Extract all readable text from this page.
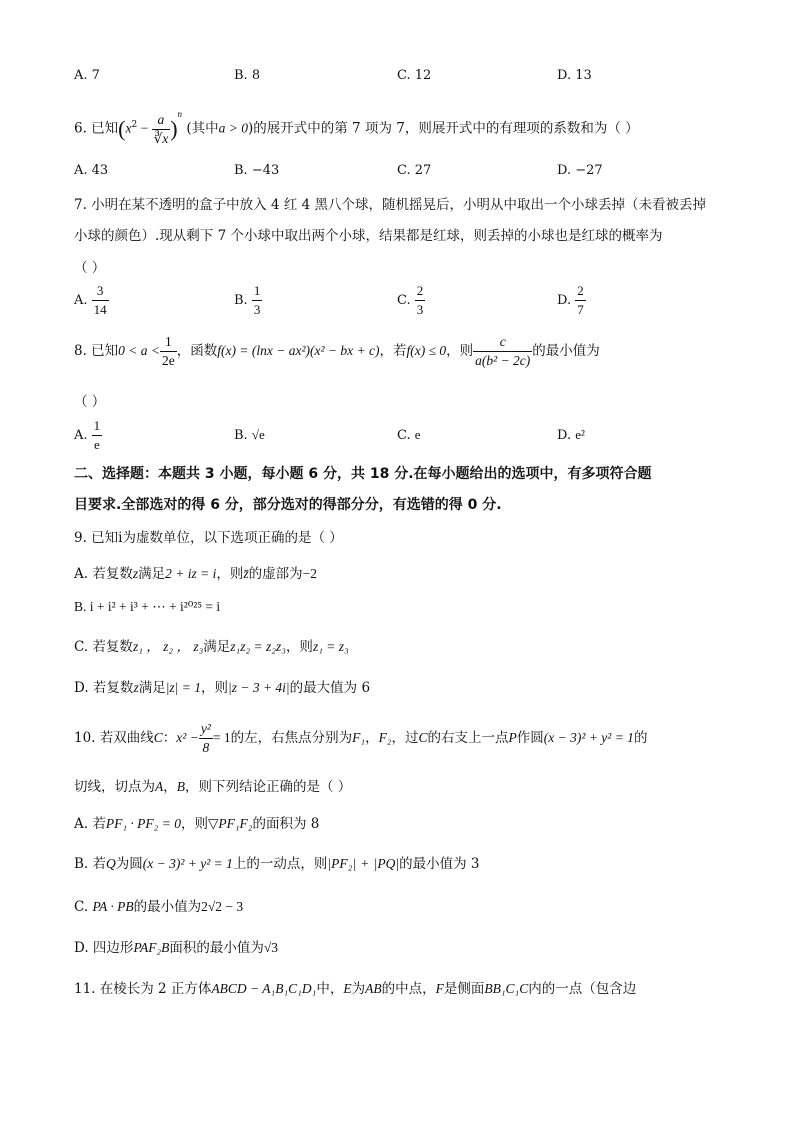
A. 7	B. 8	C. 12	D. 13
6. 已知$(x^2 - \frac{a}{∛x} )^n$ (其中a > 0)的展开式中的第 7 项为 7，则展开式中的有理项的系数和为（ ）
A. 43	B. −43	C. 27	D. −27
7. 小明在某不透明的盒子中放入 4 红 4 黑八个球，随机摇晃后，小明从中取出一个小球丢掉（未看被丢掉
小球的颜色）.现从剩下 7 个小球中取出两个小球，结果都是红球，则丢掉的小球也是红球的概率为
（ ）
A. $\frac{3}{14}$	B. $\frac{1}{3}$	C. $\frac{2}{3}$	D. $\frac{2}{7}$
8. 已知$0 < a < \frac{1}{2e}$ ，函数f(x) = (lnx − ax²)(x² − bx + c)，若f(x) ≤ 0，则 $\frac{c}{\text{a(b² − 2c)}}$ 的最小值为
（ ）
A. $\frac{1}{e}$	B. √e	C. e	D. e²
二、选择题：本题共 3 小题，每小题 6 分，共 18 分.在每小题给出的选项中，有多项符合题
目要求.全部选对的得 6 分，部分选对的得部分分，有选错的得 0 分.
9. 已知i为虚数单位，以下选项正确的是（ ）
A. 若复数z满足2 + iz = i，则z̄的虚部为−2
B. i + i² + i³ + ⋯ + i²⁰²⁵ = i
C. 若复数z₁ ， z₂ ， z₃满足z₁z₂ = z₂z₃，则z₁ = z₃
D. 若复数z满足|z| = 1，则|z − 3 + 4i|的最大值为 6
10. 若双曲线C：$x^2 - \frac{\text{y²}}{8} = 1$的左，右焦点分别为F₁，F₂，过C的右支上一点P作圆(x − 3)² + y² = 1的
切线，切点为A，B，则下列结论正确的是（ ）
A. 若PF₁ · PF₂ = 0，则▽PF₁F₂的面积为 8
B. 若Q为圆(x − 3)² + y² = 1上的一动点，则|PF₂| + |PQ|的最小值为 3
C. PA · PB的最小值为2√2 − 3
D. 四边形PAF₂B面积的最小值为√3
11. 在棱长为 2 正方体ABCD − A₁B₁C₁D₁中，E为AB的中点，F是侧面BB₁C₁C内的一点（包含边
